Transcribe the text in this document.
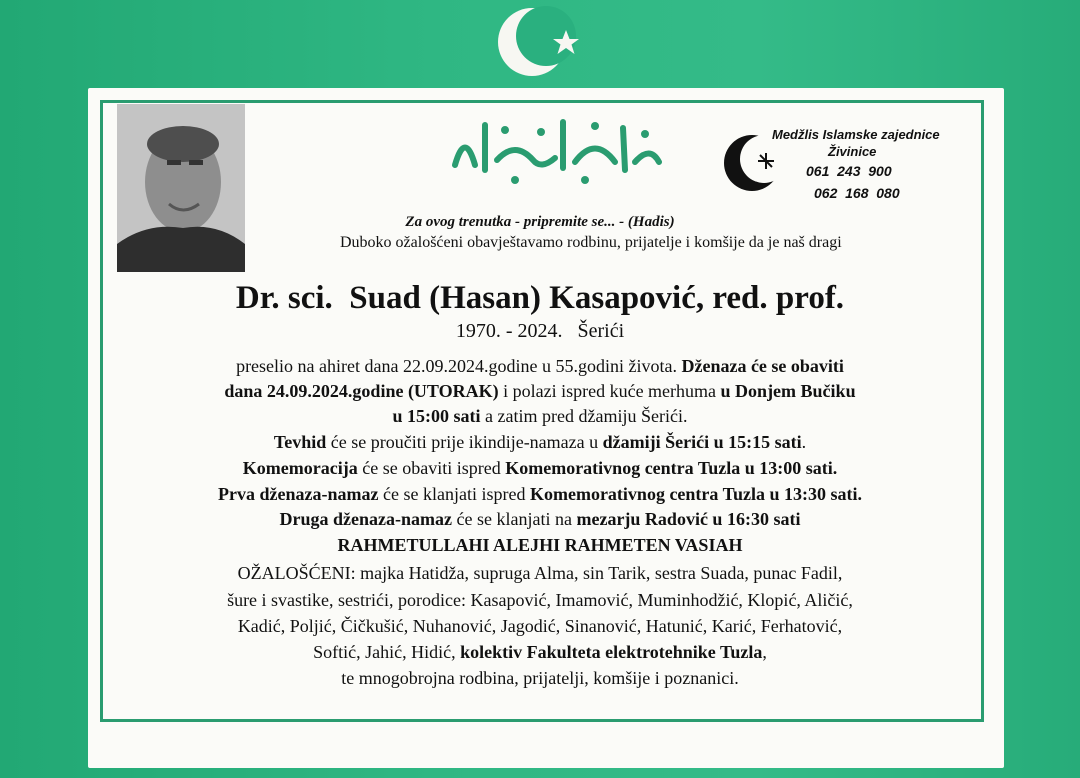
Medžlis Islamske zajednice
Živinice
061  243  900
062  168  080
Za ovog trenutka - pripremite se... - (Hadis)
Duboko ožalošćeni obavještavamo rodbinu, prijatelje i komšije da je naš dragi
Dr. sci.  Suad (Hasan) Kasapović, red. prof.
1970. - 2024.   Šerići
preselio na ahiret dana 22.09.2024.godine u 55.godini života. Dženaza će se obaviti
dana 24.09.2024.godine (UTORAK) i polazi ispred kuće merhuma u Donjem Bučiku
u 15:00 sati a zatim pred džamiju Šerići.
Tevhid će se proučiti prije ikindije-namaza u džamiji Šerići u 15:15 sati.
Komemoracija će se obaviti ispred Komemorativnog centra Tuzla u 13:00 sati.
Prva dženaza-namaz će se klanjati ispred Komemorativnog centra Tuzla u 13:30 sati.
Druga dženaza-namaz će se klanjati na mezarju Radović u 16:30 sati
RAHMETULLAHI ALEJHI RAHMETEN VASIAH
OŽALOŠĆENI: majka Hatidža, supruga Alma, sin Tarik, sestra Suada, punac Fadil,
šure i svastike, sestrići, porodice: Kasapović, Imamović, Muminhodžić, Klopić, Aličić,
Kadić, Poljić, Čičkušić, Nuhanović, Jagodić, Sinanović, Hatunić, Karić, Ferhatović,
Softić, Jahić, Hidić, kolektiv Fakulteta elektrotehnike Tuzla,
te mnogobrojna rodbina, prijatelji, komšije i poznanici.
